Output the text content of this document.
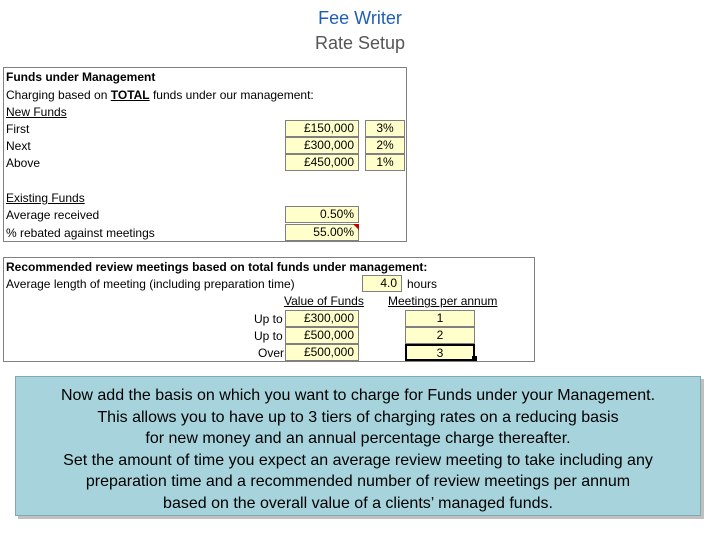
Fee Writer
Rate Setup
Funds under Management
Charging based on TOTAL funds under our management:
New Funds
First	£150,000	3%
Next	£300,000	2%
Above	£450,000	1%
Existing Funds
Average received	0.50%
% rebated against meetings	55.00%
Recommended review meetings based on total funds under management:
Average length of meeting (including preparation time)	4.0 hours
Value of Funds Meetings per annum
Up to	£300,000	1
Up to	£500,000	2
Over	£500,000	3
Now add the basis on which you want to charge for Funds under your Management.
This allows you to have up to 3 tiers of charging rates on a reducing basis
for new money and an annual percentage charge thereafter.
Set the amount of time you expect an average review meeting to take including any
preparation time and a recommended number of review meetings per annum
based on the overall value of a clients’ managed funds.
